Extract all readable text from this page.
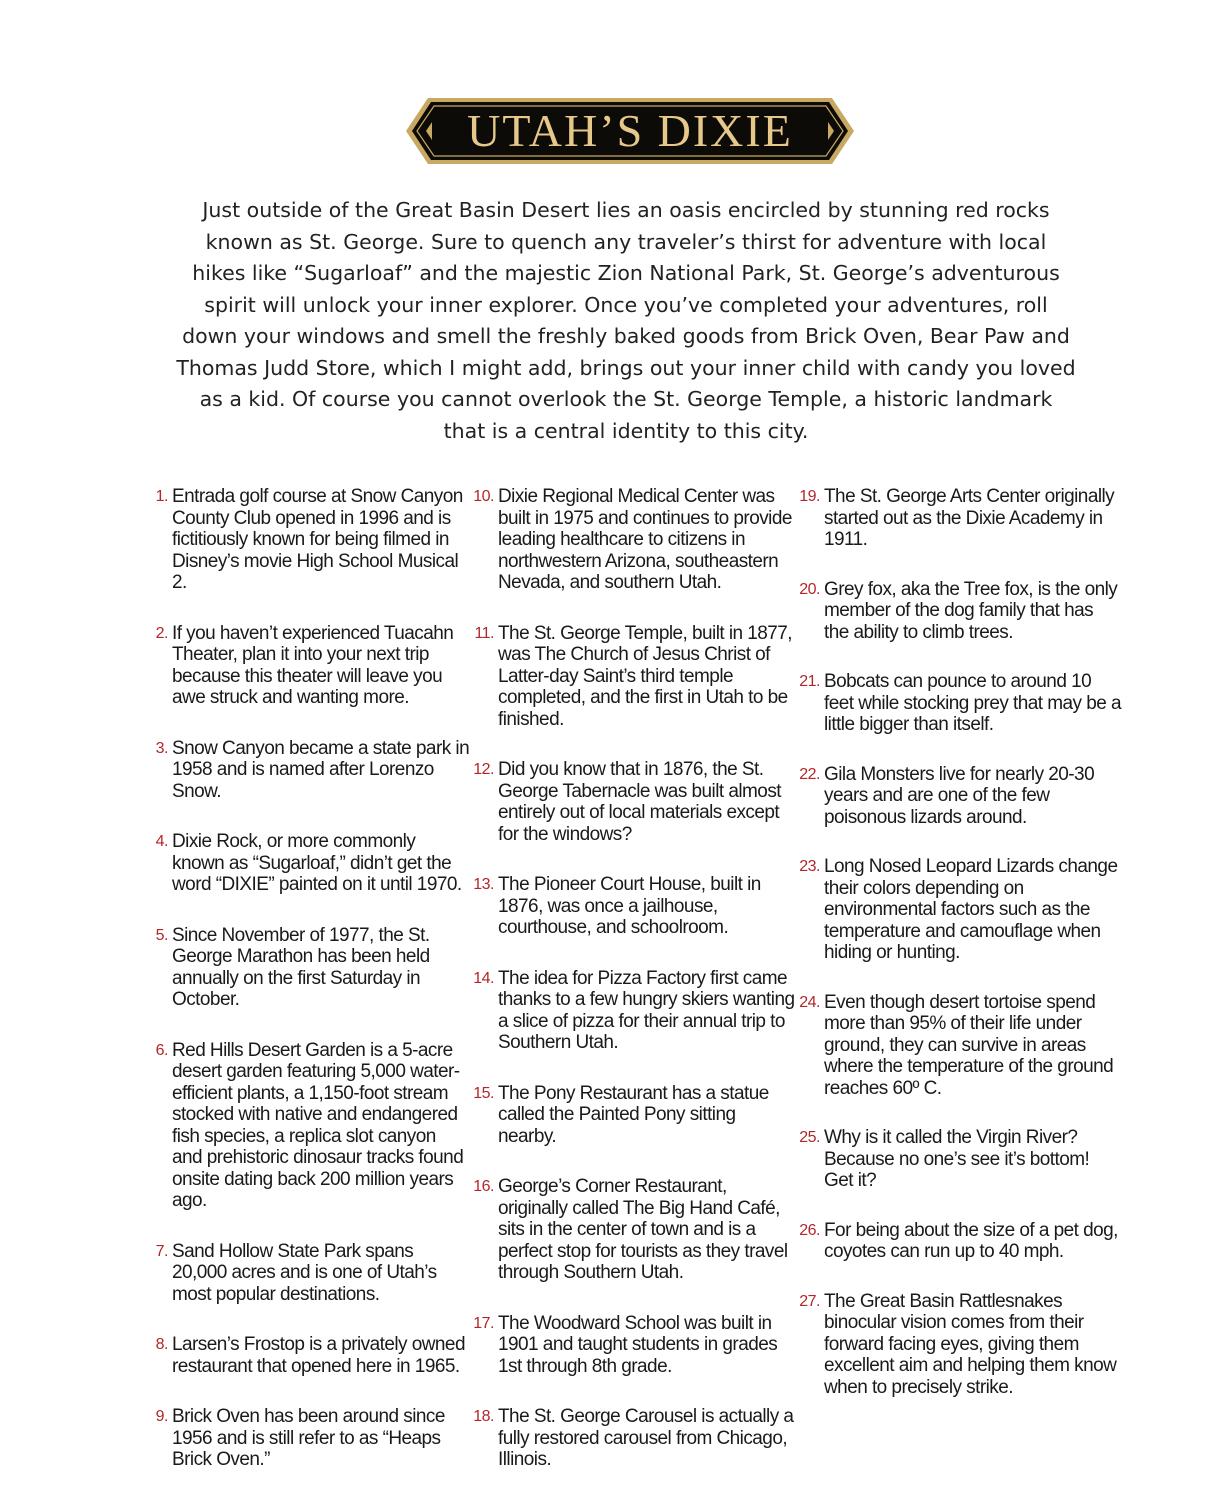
UTAH’S DIXIE

Just outside of the Great Basin Desert lies an oasis encircled by stunning red rocks known as St. George. Sure to quench any traveler’s thirst for adventure with local hikes like “Sugarloaf” and the majestic Zion National Park, St. George’s adventurous spirit will unlock your inner explorer. Once you’ve completed your adventures, roll down your windows and smell the freshly baked goods from Brick Oven, Bear Paw and Thomas Judd Store, which I might add, brings out your inner child with candy you loved as a kid. Of course you cannot overlook the St. George Temple, a historic landmark that is a central identity to this city.

1. Entrada golf course at Snow Canyon County Club opened in 1996 and is fictitiously known for being filmed in Disney’s movie High School Musical 2.
2. If you haven’t experienced Tuacahn Theater, plan it into your next trip because this theater will leave you awe struck and wanting more.
3. Snow Canyon became a state park in 1958 and is named after Lorenzo Snow.
4. Dixie Rock, or more commonly known as “Sugarloaf,” didn’t get the word “DIXIE” painted on it until 1970.
5. Since November of 1977, the St. George Marathon has been held annually on the first Saturday in October.
6. Red Hills Desert Garden is a 5-acre desert garden featuring 5,000 water-efficient plants, a 1,150-foot stream stocked with native and endangered fish species, a replica slot canyon and prehistoric dinosaur tracks found onsite dating back 200 million years ago.
7. Sand Hollow State Park spans 20,000 acres and is one of Utah’s most popular destinations.
8. Larsen’s Frostop is a privately owned restaurant that opened here in 1965.
9. Brick Oven has been around since 1956 and is still refer to as “Heaps Brick Oven.”
10. Dixie Regional Medical Center was built in 1975 and continues to provide leading healthcare to citizens in northwestern Arizona, southeastern Nevada, and southern Utah.
11. The St. George Temple, built in 1877, was The Church of Jesus Christ of Latter-day Saint’s third temple completed, and the first in Utah to be finished.
12. Did you know that in 1876, the St. George Tabernacle was built almost entirely out of local materials except for the windows?
13. The Pioneer Court House, built in 1876, was once a jailhouse, courthouse, and schoolroom.
14. The idea for Pizza Factory first came thanks to a few hungry skiers wanting a slice of pizza for their annual trip to Southern Utah.
15. The Pony Restaurant has a statue called the Painted Pony sitting nearby.
16. George’s Corner Restaurant, originally called The Big Hand Café, sits in the center of town and is a perfect stop for tourists as they travel through Southern Utah.
17. The Woodward School was built in 1901 and taught students in grades 1st through 8th grade.
18. The St. George Carousel is actually a fully restored carousel from Chicago, Illinois.
19. The St. George Arts Center originally started out as the Dixie Academy in 1911.
20. Grey fox, aka the Tree fox, is the only member of the dog family that has the ability to climb trees.
21. Bobcats can pounce to around 10 feet while stocking prey that may be a little bigger than itself.
22. Gila Monsters live for nearly 20-30 years and are one of the few poisonous lizards around.
23. Long Nosed Leopard Lizards change their colors depending on environmental factors such as the temperature and camouflage when hiding or hunting.
24. Even though desert tortoise spend more than 95% of their life under ground, they can survive in areas where the temperature of the ground reaches 60º C.
25. Why is it called the Virgin River? Because no one’s see it’s bottom! Get it?
26. For being about the size of a pet dog, coyotes can run up to 40 mph.
27. The Great Basin Rattlesnakes binocular vision comes from their forward facing eyes, giving them excellent aim and helping them know when to precisely strike.
